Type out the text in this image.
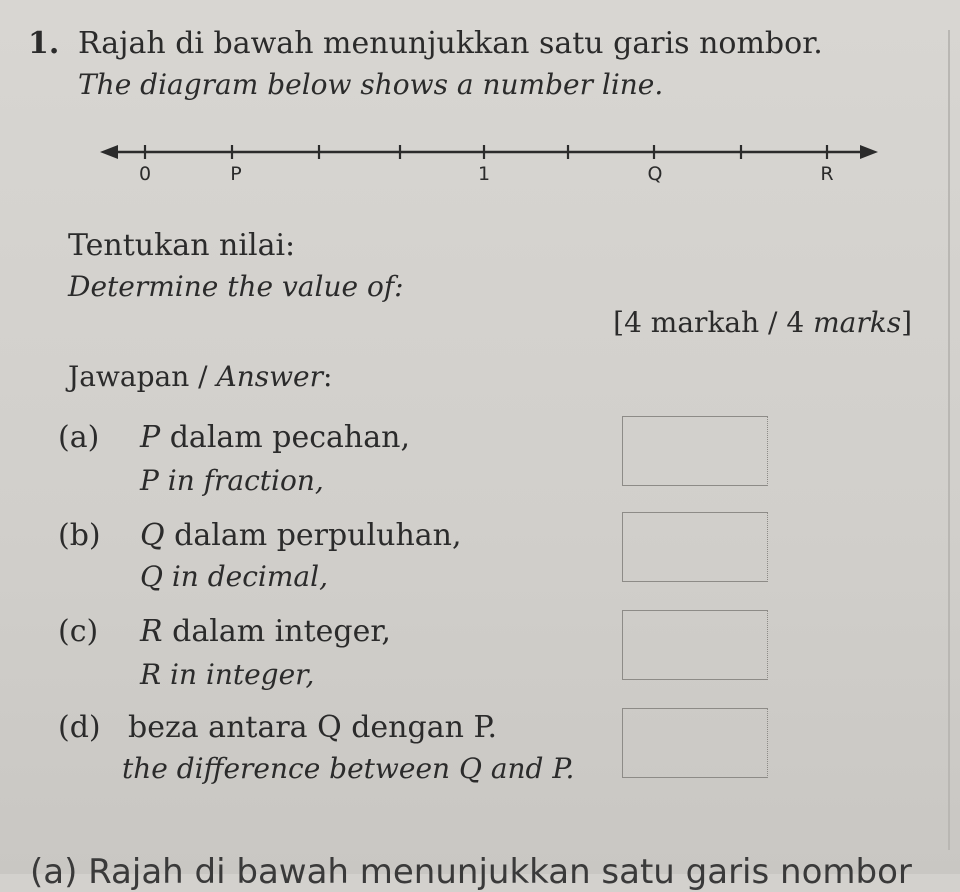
1. Rajah di bawah menunjukkan satu garis nombor.
The diagram below shows a number line.
0	P	1	Q	R
Tentukan nilai:
Determine the value of:
[4 markah / 4 marks]
Jawapan / Answer:
(a) P dalam pecahan,
P in fraction,
(b) Q dalam perpuluhan,
Q in decimal,
(c) R dalam integer,
R in integer,
(d) beza antara Q dengan P.
the difference between Q and P.
(a) Rajah di bawah menunjukkan satu garis nombor
